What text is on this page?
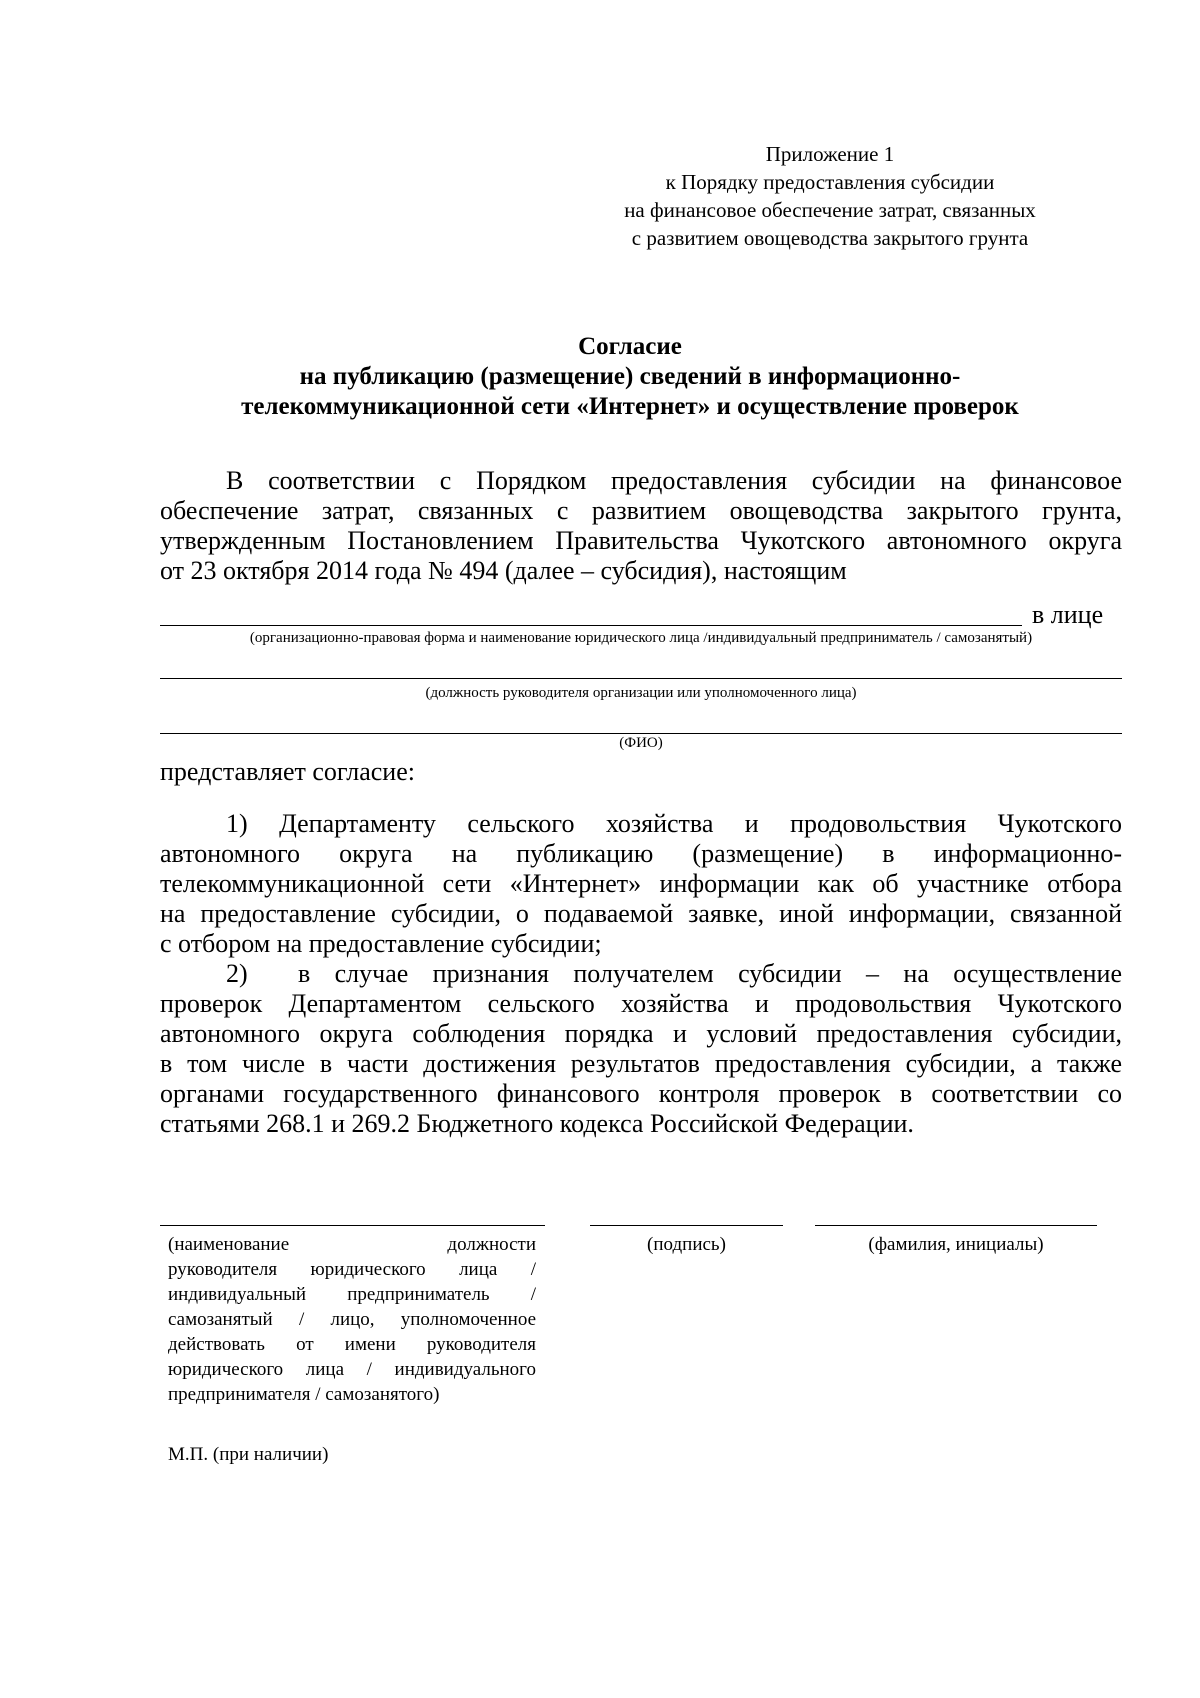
Приложение 1
к Порядку предоставления субсидии
на финансовое обеспечение затрат, связанных
с развитием овощеводства закрытого грунта
Согласие
на публикацию (размещение) сведений в информационно-
телекоммуникационной сети «Интернет» и осуществление проверок
В соответствии с Порядком предоставления субсидии на финансовое
обеспечение затрат, связанных с развитием овощеводства закрытого грунта,
утвержденным Постановлением Правительства Чукотского автономного округа
от 23 октября 2014 года № 494 (далее – субсидия), настоящим
в лице
(организационно-правовая форма и наименование юридического лица /индивидуальный предприниматель / самозанятый)
(должность руководителя организации или уполномоченного лица)
(ФИО)
представляет согласие:
1) Департаменту сельского хозяйства и продовольствия Чукотского
автономного округа на публикацию (размещение) в информационно-
телекоммуникационной сети «Интернет» информации как об участнике отбора
на предоставление субсидии, о подаваемой заявке, иной информации, связанной
с отбором на предоставление субсидии;
2)	в случае признания получателем субсидии – на осуществление
проверок Департаментом сельского хозяйства и продовольствия Чукотского
автономного округа соблюдения порядка и условий предоставления субсидии,
в том числе в части достижения результатов предоставления субсидии, а также
органами государственного финансового контроля проверок в соответствии со
статьями 268.1 и 269.2 Бюджетного кодекса Российской Федерации.
(наименование должности
руководителя юридического лица /
индивидуальный предприниматель /
самозанятый / лицо, уполномоченное
действовать от имени руководителя
юридического лица / индивидуального
предпринимателя / самозанятого)
(подпись)	(фамилия, инициалы)
М.П. (при наличии)
